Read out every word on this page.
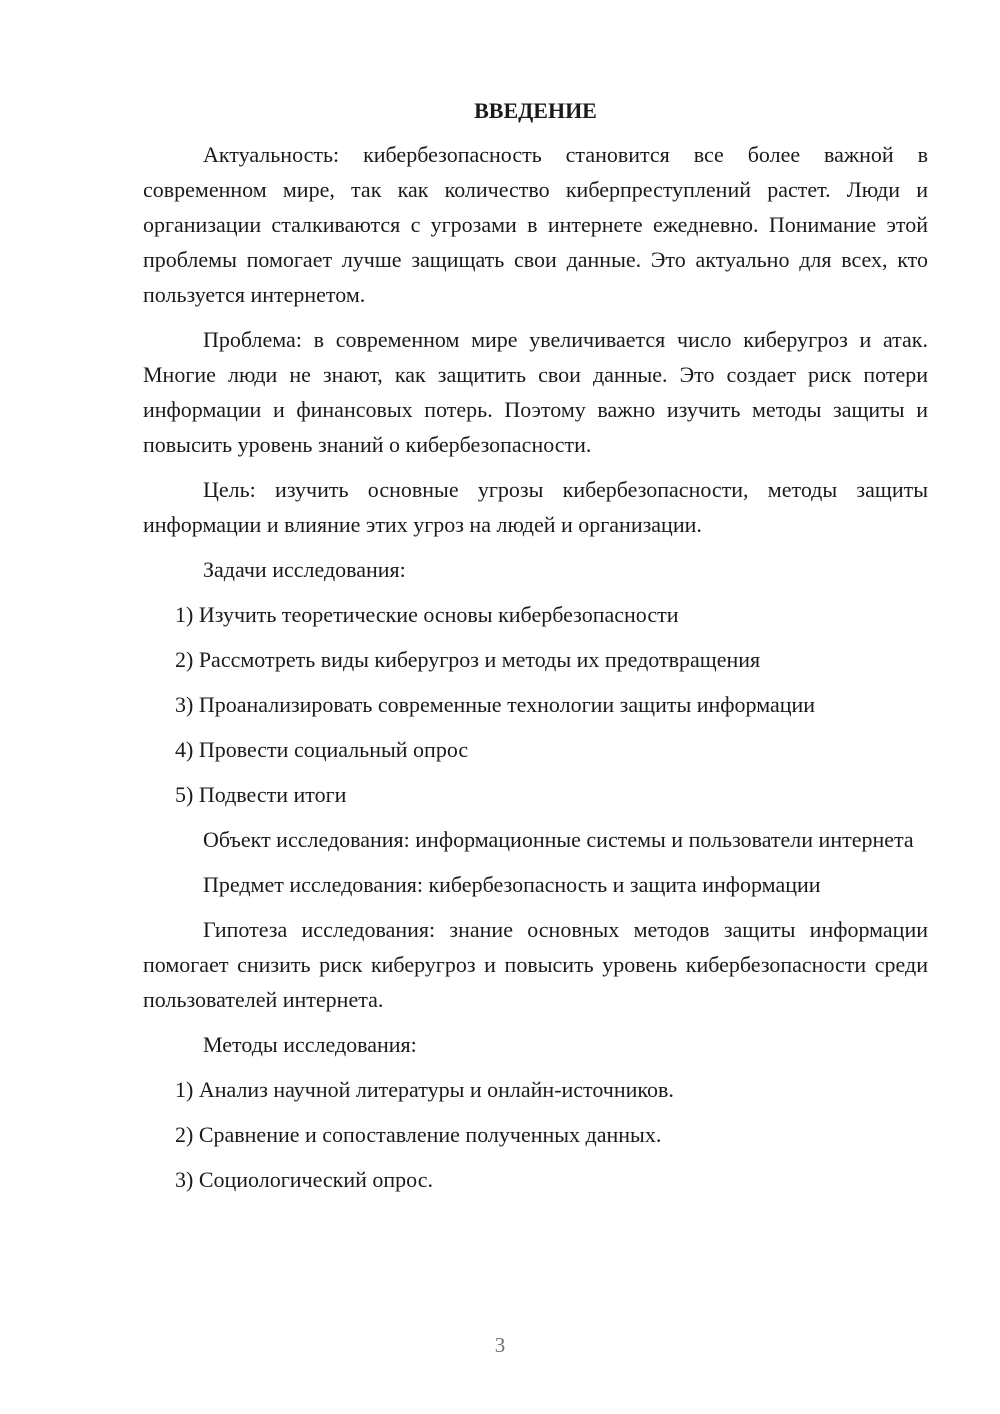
ВВЕДЕНИЕ

Актуальность: кибербезопасность становится все более важной в современном мире, так как количество киберпреступлений растет. Люди и организации сталкиваются с угрозами в интернете ежедневно. Понимание этой проблемы помогает лучше защищать свои данные. Это актуально для всех, кто пользуется интернетом.

Проблема: в современном мире увеличивается число киберугроз и атак. Многие люди не знают, как защитить свои данные. Это создает риск потери информации и финансовых потерь. Поэтому важно изучить методы защиты и повысить уровень знаний о кибербезопасности.

Цель: изучить основные угрозы кибербезопасности, методы защиты информации и влияние этих угроз на людей и организации.

Задачи исследования:

1) Изучить теоретические основы кибербезопасности
2) Рассмотреть виды киберугроз и методы их предотвращения
3) Проанализировать современные технологии защиты информации
4) Провести социальный опрос
5) Подвести итоги

Объект исследования: информационные системы и пользователи интернета

Предмет исследования: кибербезопасность и защита информации

Гипотеза исследования: знание основных методов защиты информации помогает снизить риск киберугроз и повысить уровень кибербезопасности среди пользователей интернета.

Методы исследования:

1) Анализ научной литературы и онлайн-источников.
2) Сравнение и сопоставление полученных данных.
3) Социологический опрос.
3
